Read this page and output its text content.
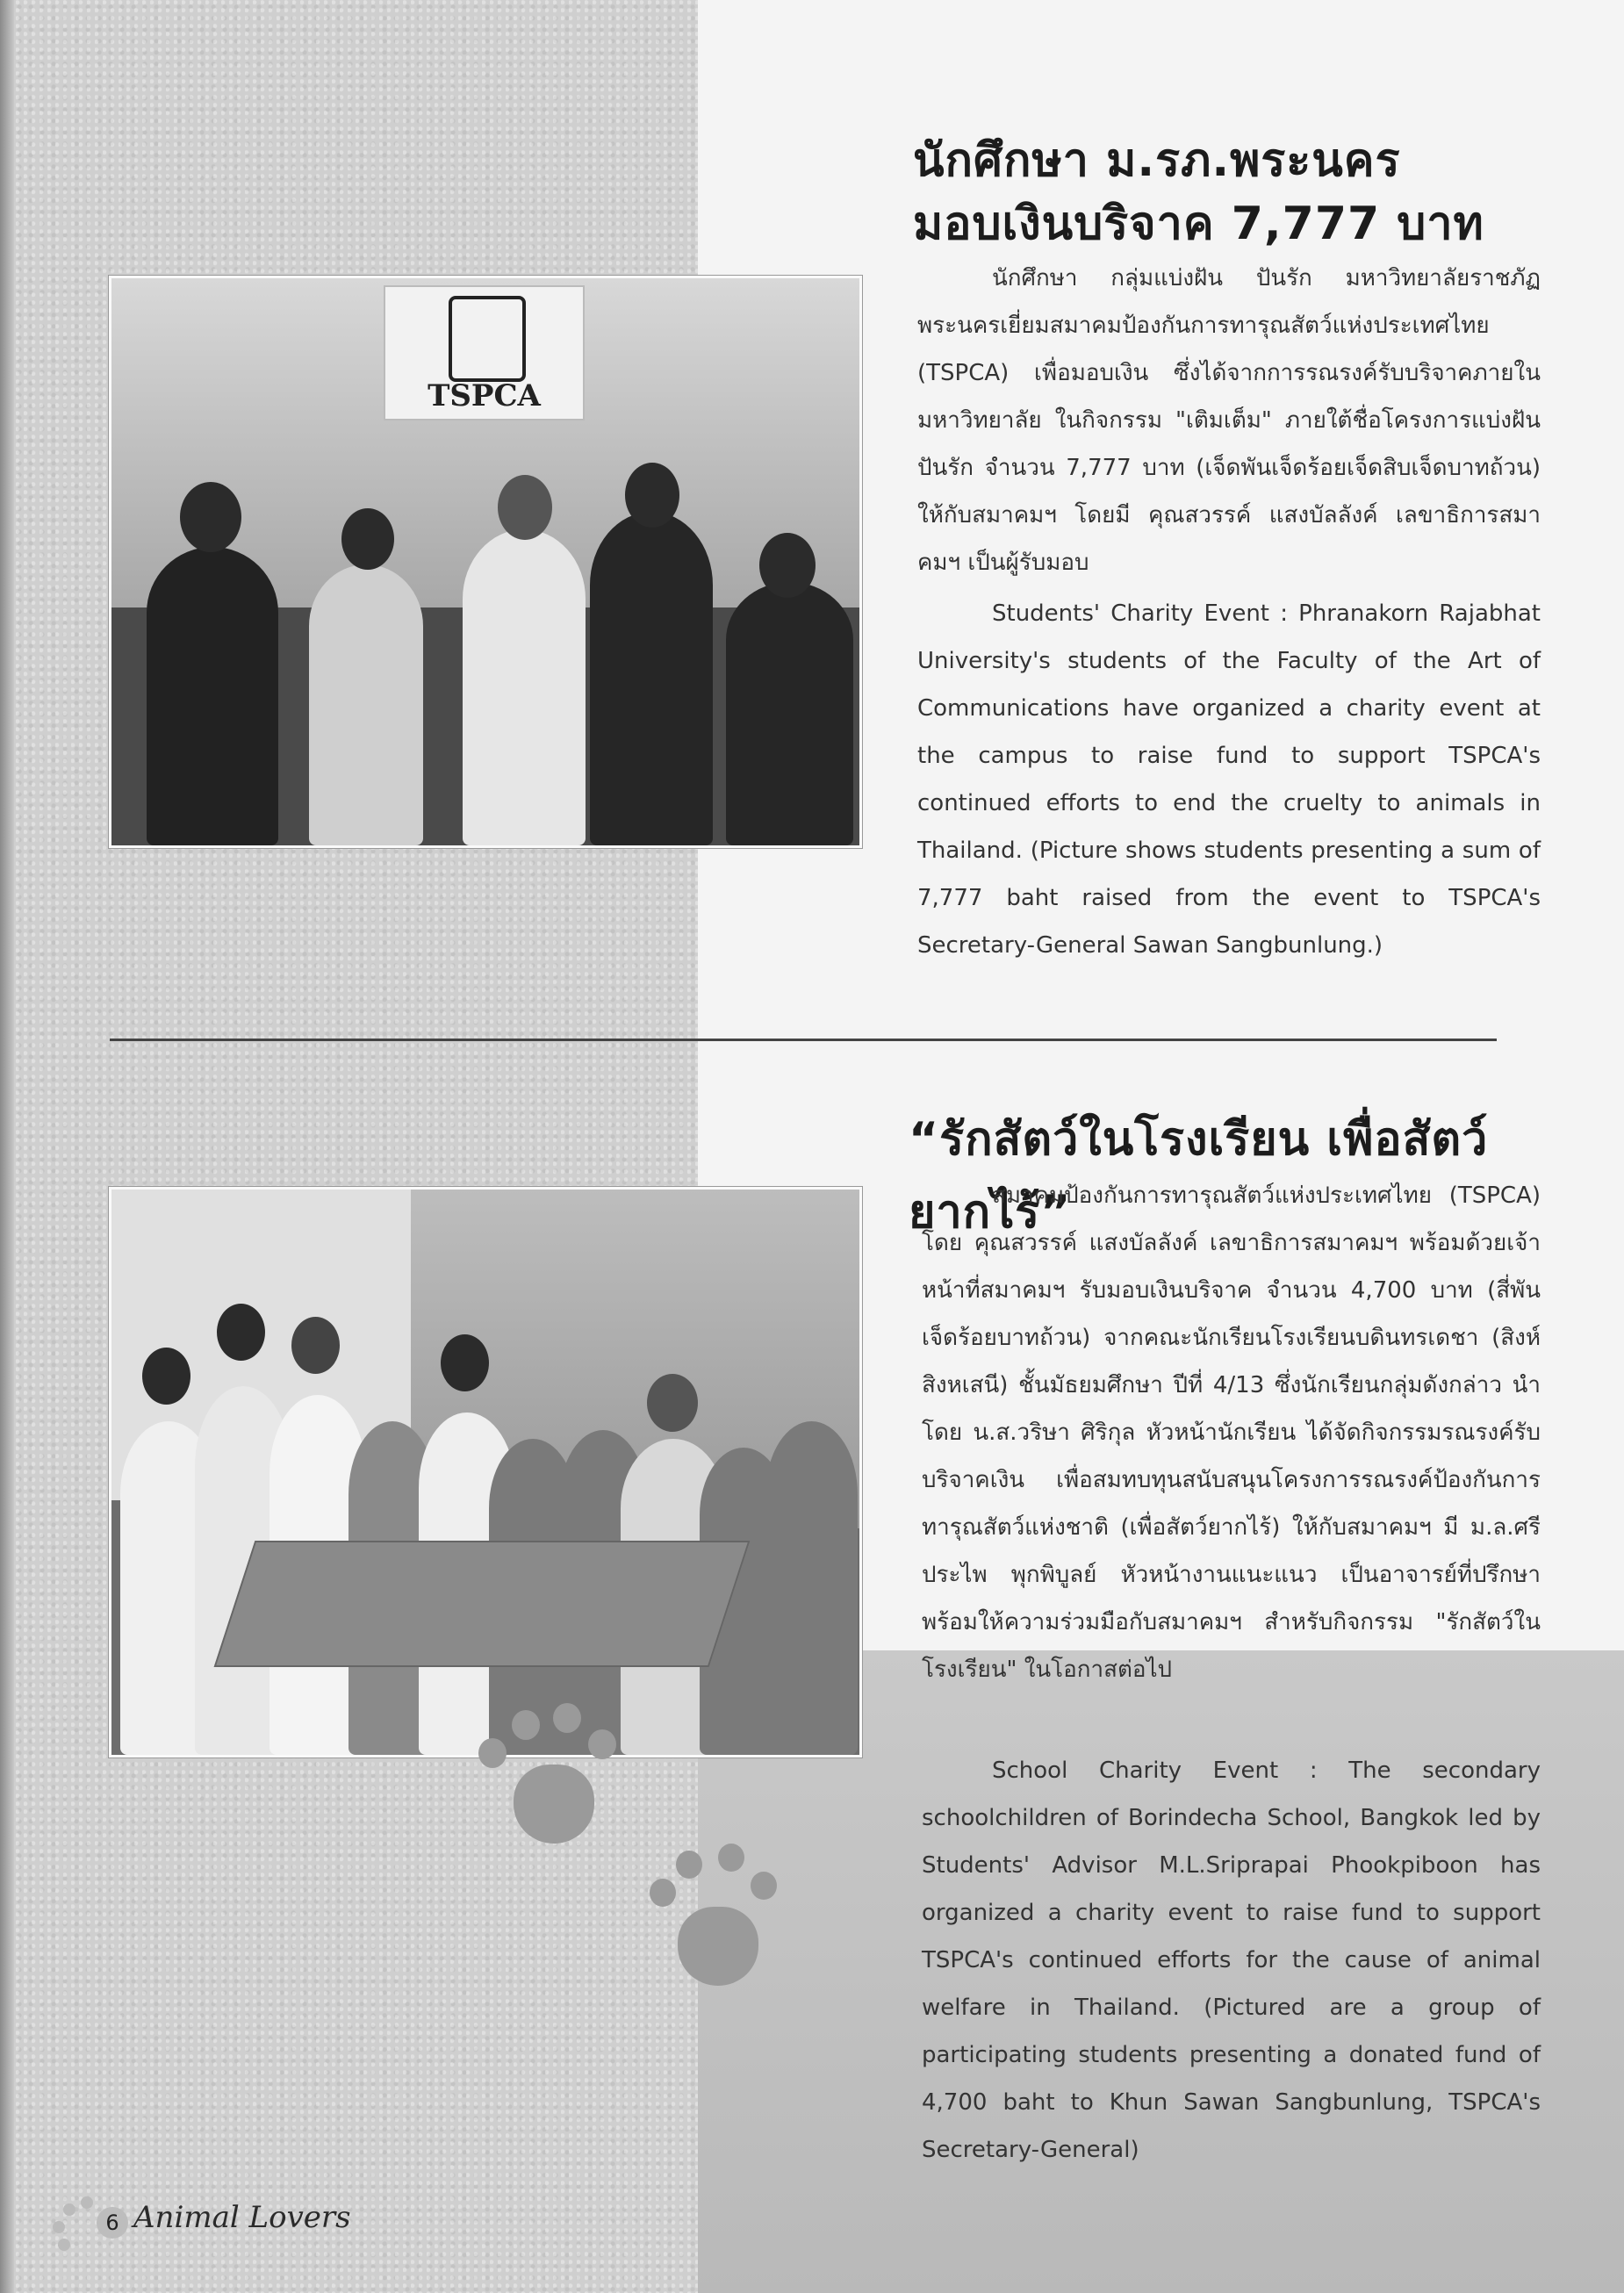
นักศึกษา ม.รภ.พระนคร
มอบเงินบริจาค 7,777 บาท
TSPCA

นักศึกษา กลุ่มแบ่งฝัน ปันรัก มหาวิทยาลัยราชภัฏพระนครเยี่ยมสมาคมป้องกันการทารุณสัตว์แห่งประเทศไทย (TSPCA) เพื่อมอบเงิน ซึ่งได้จากการรณรงค์รับบริจาคภายในมหาวิทยาลัย ในกิจกรรม "เติมเต็ม" ภายใต้ชื่อโครงการแบ่งฝัน ปันรัก จำนวน 7,777 บาท (เจ็ดพันเจ็ดร้อยเจ็ดสิบเจ็ดบาทถ้วน) ให้กับสมาคมฯ โดยมี คุณสวรรค์ แสงบัลลังค์ เลขาธิการสมาคมฯ เป็นผู้รับมอบ

Students' Charity Event : Phranakorn Rajabhat University's students of the Faculty of the Art of Communications have organized a charity event at the campus to raise fund to support TSPCA's continued efforts to end the cruelty to animals in Thailand. (Picture shows students presenting a sum of 7,777 baht raised from the event to TSPCA's Secretary-General Sawan Sangbunlung.)

“รักสัตว์ในโรงเรียน เพื่อสัตว์ยากไร้”

สมาคมป้องกันการทารุณสัตว์แห่งประเทศไทย (TSPCA) โดย คุณสวรรค์ แสงบัลลังค์ เลขาธิการสมาคมฯ พร้อมด้วยเจ้าหน้าที่สมาคมฯ รับมอบเงินบริจาค จำนวน 4,700 บาท (สี่พันเจ็ดร้อยบาทถ้วน) จากคณะนักเรียนโรงเรียนบดินทรเดชา (สิงห์ สิงหเสนี) ชั้นมัธยมศึกษา ปีที่ 4/13 ซึ่งนักเรียนกลุ่มดังกล่าว นำโดย น.ส.วริษา ศิริกุล หัวหน้านักเรียน ได้จัดกิจกรรมรณรงค์รับบริจาคเงิน เพื่อสมทบทุนสนับสนุนโครงการรณรงค์ป้องกันการทารุณสัตว์แห่งชาติ (เพื่อสัตว์ยากไร้) ให้กับสมาคมฯ มี ม.ล.ศรีประไพ พุกพิบูลย์ หัวหน้างานแนะแนว เป็นอาจารย์ที่ปรึกษา พร้อมให้ความร่วมมือกับสมาคมฯ สำหรับกิจกรรม "รักสัตว์ในโรงเรียน" ในโอกาสต่อไป

School Charity Event : The secondary schoolchildren of Borindecha School, Bangkok led by Students' Advisor M.L.Sriprapai Phookpiboon has organized a charity event to raise fund to support TSPCA's continued efforts for the cause of animal welfare in Thailand. (Pictured are a group of participating students presenting a donated fund of 4,700 baht to Khun Sawan Sangbunlung, TSPCA's Secretary-General)

6 Animal Lovers
